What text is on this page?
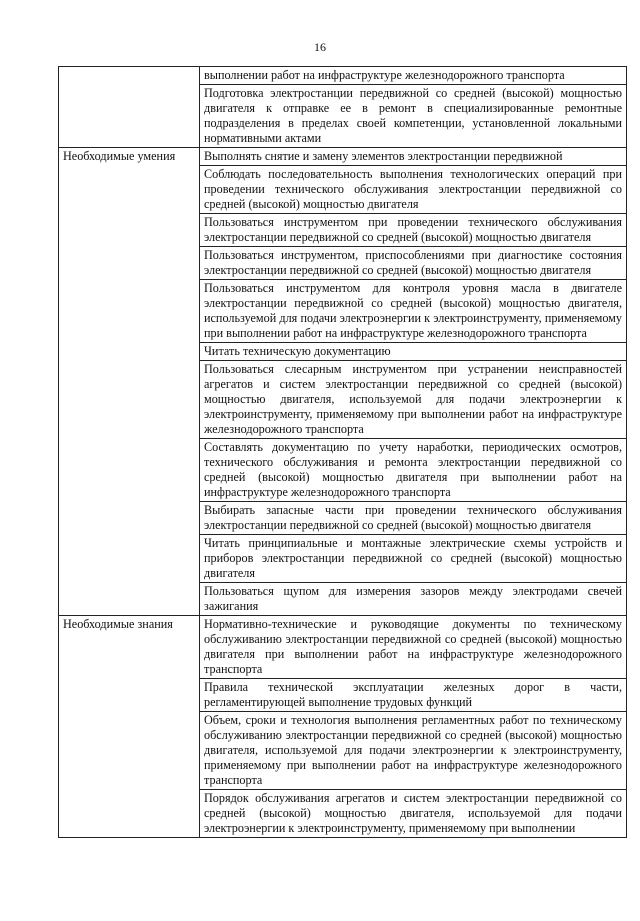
16
	выполнении работ на инфраструктуре железнодорожного транспорта
	Подготовка электростанции передвижной со средней (высокой) мощностью двигателя к отправке ее в ремонт в специализированные ремонтные подразделения в пределах своей компетенции, установленной локальными нормативными актами

Необходимые умения	Выполнять снятие и замену элементов электростанции передвижной
	Соблюдать последовательность выполнения технологических операций при проведении технического обслуживания электростанции передвижной со средней (высокой) мощностью двигателя
	Пользоваться инструментом при проведении технического обслуживания электростанции передвижной со средней (высокой) мощностью двигателя
	Пользоваться инструментом, приспособлениями при диагностике состояния электростанции передвижной со средней (высокой) мощностью двигателя
	Пользоваться инструментом для контроля уровня масла в двигателе электростанции передвижной со средней (высокой) мощностью двигателя, используемой для подачи электроэнергии к электроинструменту, применяемому при выполнении работ на инфраструктуре железнодорожного транспорта
	Читать техническую документацию
	Пользоваться слесарным инструментом при устранении неисправностей агрегатов и систем электростанции передвижной со средней (высокой) мощностью двигателя, используемой для подачи электроэнергии к электроинструменту, применяемому при выполнении работ на инфраструктуре железнодорожного транспорта
	Составлять документацию по учету наработки, периодических осмотров, технического обслуживания и ремонта электростанции передвижной со средней (высокой) мощностью двигателя при выполнении работ на инфраструктуре железнодорожного транспорта
	Выбирать запасные части при проведении технического обслуживания электростанции передвижной со средней (высокой) мощностью двигателя
	Читать принципиальные и монтажные электрические схемы устройств и приборов электростанции передвижной со средней (высокой) мощностью двигателя
	Пользоваться щупом для измерения зазоров между электродами свечей зажигания

Необходимые знания	Нормативно-технические и руководящие документы по техническому обслуживанию электростанции передвижной со средней (высокой) мощностью двигателя при выполнении работ на инфраструктуре железнодорожного транспорта
	Правила технической эксплуатации железных дорог в части, регламентирующей выполнение трудовых функций
	Объем, сроки и технология выполнения регламентных работ по техническому обслуживанию электростанции передвижной со средней (высокой) мощностью двигателя, используемой для подачи электроэнергии к электроинструменту, применяемому при выполнении работ на инфраструктуре железнодорожного транспорта
	Порядок обслуживания агрегатов и систем электростанции передвижной со средней (высокой) мощностью двигателя, используемой для подачи электроэнергии к электроинструменту, применяемому при выполнении
